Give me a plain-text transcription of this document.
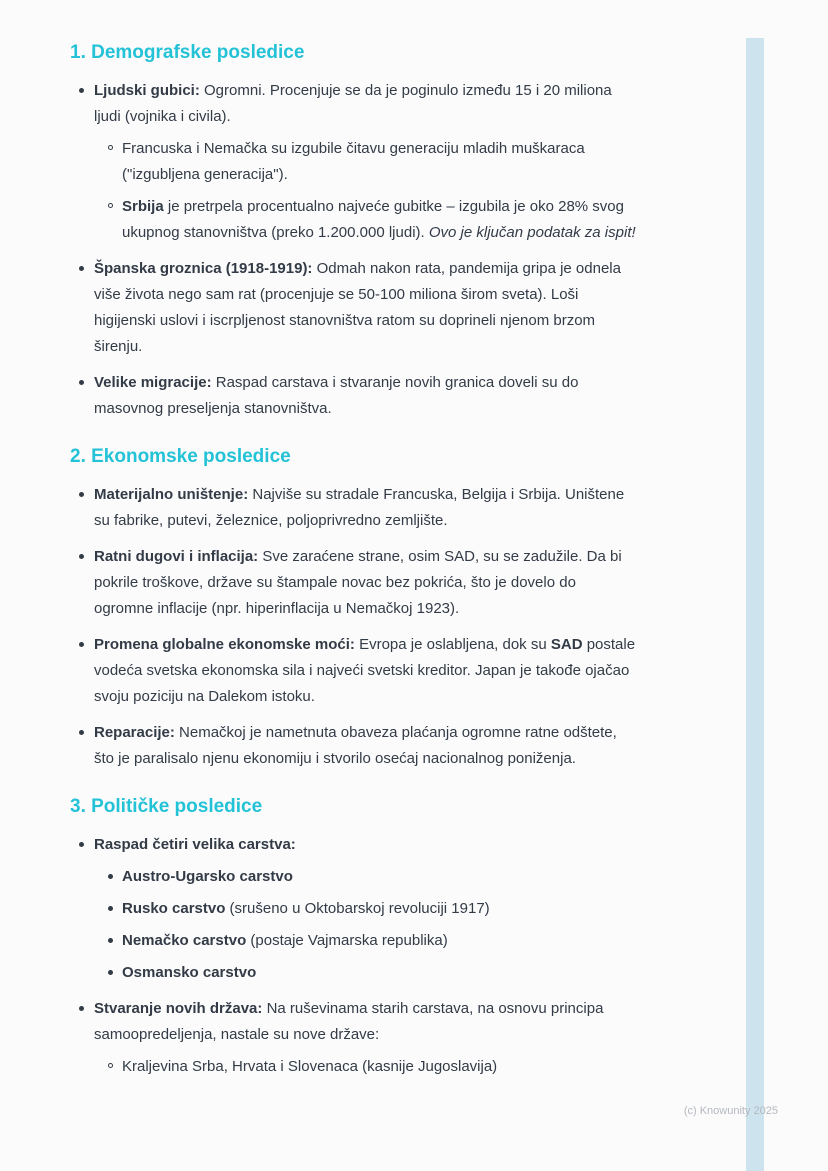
1. Demografske posledice
Ljudski gubici: Ogromni. Procenjuje se da je poginulo između 15 i 20 miliona ljudi (vojnika i civila).
Francuska i Nemačka su izgubile čitavu generaciju mladih muškaraca ("izgubljena generacija").
Srbija je pretrpela procentualno najveće gubitke – izgubila je oko 28% svog ukupnog stanovništva (preko 1.200.000 ljudi). Ovo je ključan podatak za ispit!
Španska groznica (1918-1919): Odmah nakon rata, pandemija gripa je odnela više života nego sam rat (procenjuje se 50-100 miliona širom sveta). Loši higijenski uslovi i iscrpljenost stanovništva ratom su doprineli njenom brzom širenju.
Velike migracije: Raspad carstava i stvaranje novih granica doveli su do masovnog preseljenja stanovništva.
2. Ekonomske posledice
Materijalno uništenje: Najviše su stradale Francuska, Belgija i Srbija. Uništene su fabrike, putevi, železnice, poljoprivredno zemljište.
Ratni dugovi i inflacija: Sve zaraćene strane, osim SAD, su se zadužile. Da bi pokrile troškove, države su štampale novac bez pokrića, što je dovelo do ogromne inflacije (npr. hiperinflacija u Nemačkoj 1923).
Promena globalne ekonomske moći: Evropa je oslabljena, dok su SAD postale vodeća svetska ekonomska sila i najveći svetski kreditor. Japan je takođe ojačao svoju poziciju na Dalekom istoku.
Reparacije: Nemačkoj je nametnuta obaveza plaćanja ogromne ratne odštete, što je paralisalo njenu ekonomiju i stvorilo osećaj nacionalnog poniženja.
3. Političke posledice
Raspad četiri velika carstva:
Austro-Ugarsko carstvo
Rusko carstvo (srušeno u Oktobarskoj revoluciji 1917)
Nemačko carstvo (postaje Vajmarska republika)
Osmansko carstvo
Stvaranje novih država: Na ruševinama starih carstava, na osnovu principa samoopredeljenja, nastale su nove države:
Kraljevina Srba, Hrvata i Slovenaca (kasnije Jugoslavija)
(c) Knowunity 2025
